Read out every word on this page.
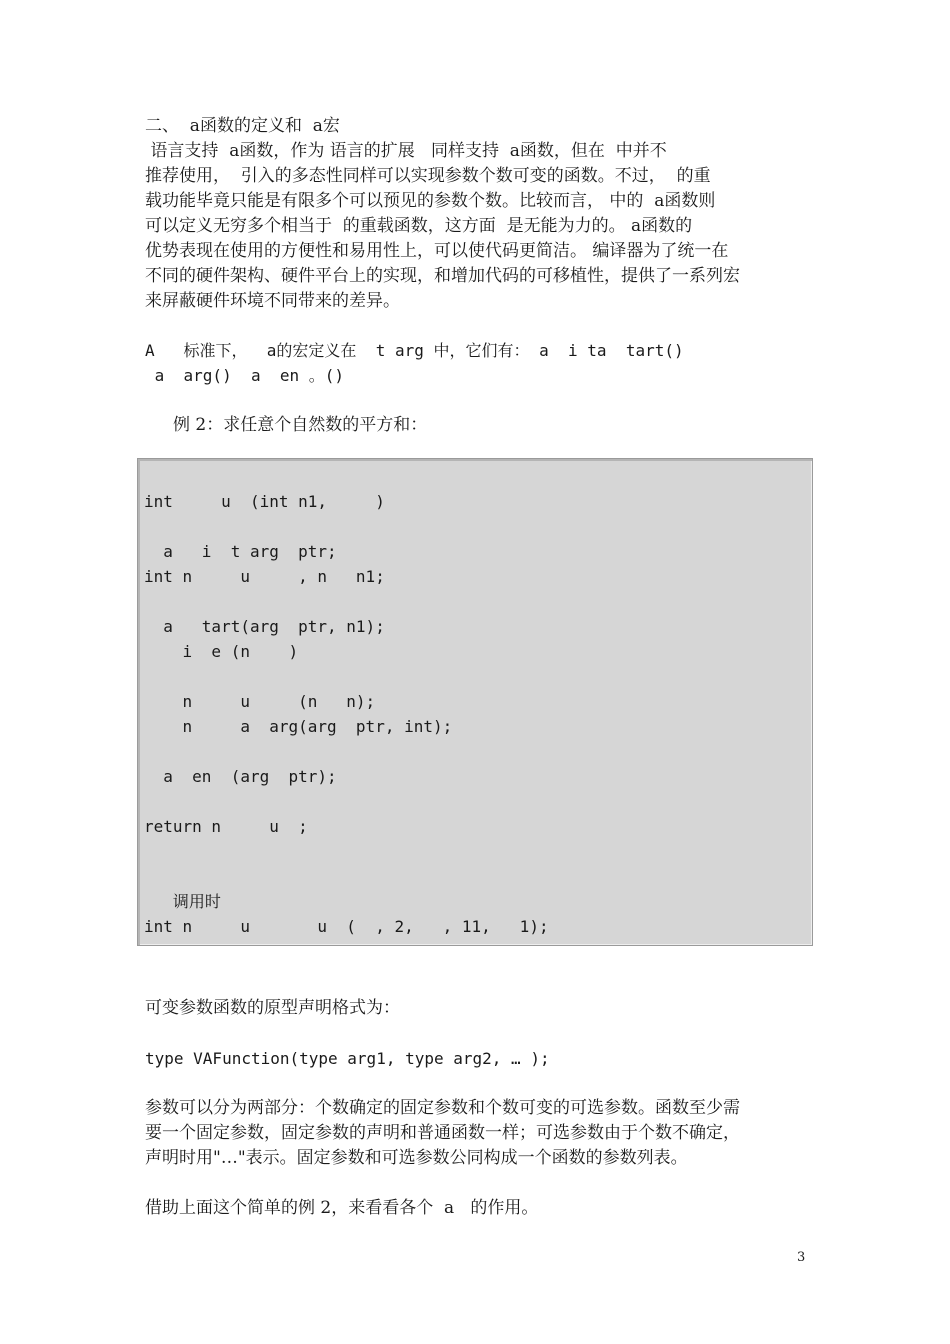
二、  a函数的定义和  a宏
语言支持  a函数，作为 语言的扩展   同样支持  a函数，但在  中并不
推荐使用，  引入的多态性同样可以实现参数个数可变的函数。不过，  的重
载功能毕竟只能是有限多个可以预见的参数个数。比较而言， 中的  a函数则
可以定义无穷多个相当于  的重载函数，这方面  是无能为力的。 a函数的
优势表现在使用的方便性和易用性上，可以使代码更简洁。 编译器为了统一在
不同的硬件架构、硬件平台上的实现，和增加代码的可移植性，提供了一系列宏
来屏蔽硬件环境不同带来的差异。
A   标准下，  a的宏定义在  t arg 中，它们有： a  i ta  tart()
a  arg()  a  en 。()
例 2：求任意个自然数的平方和：
int     u  (int n1,     )
a   i  t arg  ptr;
int n     u     , n   n1;
a   tart(arg  ptr, n1);
i  e (n    )
n     u     (n   n);
n     a  arg(arg  ptr, int);
a  en  (arg  ptr);
return n     u  ;
调用时
int n     u       u  (  , 2,   , 11,   1);
可变参数函数的原型声明格式为：
type VAFunction(type arg1, type arg2, … );
参数可以分为两部分：个数确定的固定参数和个数可变的可选参数。函数至少需
要一个固定参数，固定参数的声明和普通函数一样；可选参数由于个数不确定，
声明时用"…"表示。固定参数和可选参数公同构成一个函数的参数列表。
借助上面这个简单的例 2，来看看各个  a   的作用。
3
